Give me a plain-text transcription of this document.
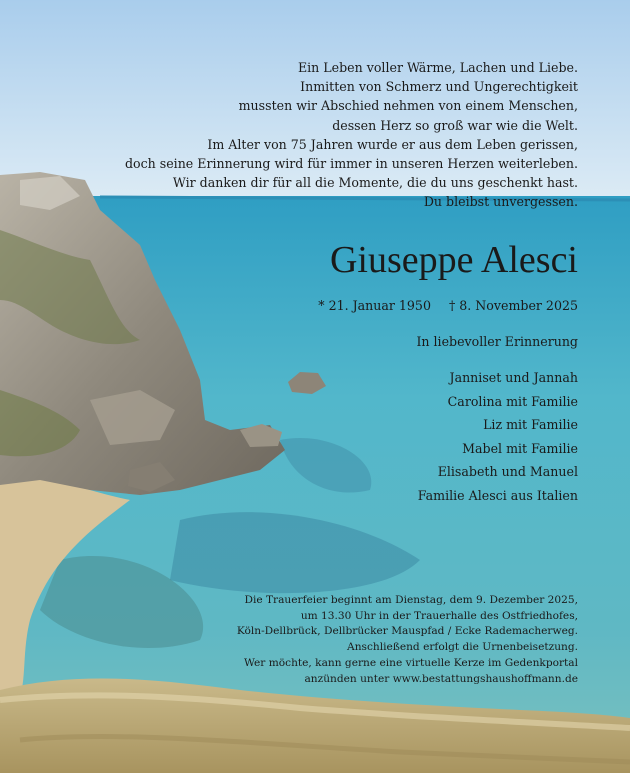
Ein Leben voller Wärme, Lachen und Liebe.
Inmitten von Schmerz und Ungerechtigkeit
mussten wir Abschied nehmen von einem Menschen,
dessen Herz so groß war wie die Welt.
Im Alter von 75 Jahren wurde er aus dem Leben gerissen,
doch seine Erinnerung wird für immer in unseren Herzen weiterleben.
Wir danken dir für all die Momente, die du uns geschenkt hast.
Du bleibst unvergessen.
Giuseppe Alesci
* 21. Januar 1950 † 8. November 2025
In liebevoller Erinnerung
Janniset und Jannah
Carolina mit Familie
Liz mit Familie
Mabel mit Familie
Elisabeth und Manuel
Familie Alesci aus Italien
Die Trauerfeier beginnt am Dienstag, dem 9. Dezember 2025,
um 13.30 Uhr in der Trauerhalle des Ostfriedhofes,
Köln-Dellbrück, Dellbrücker Mauspfad / Ecke Rademacherweg.
Anschließend erfolgt die Urnenbeisetzung.
Wer möchte, kann gerne eine virtuelle Kerze im Gedenkportal
anzünden unter www.bestattungshaushoffmann.de
